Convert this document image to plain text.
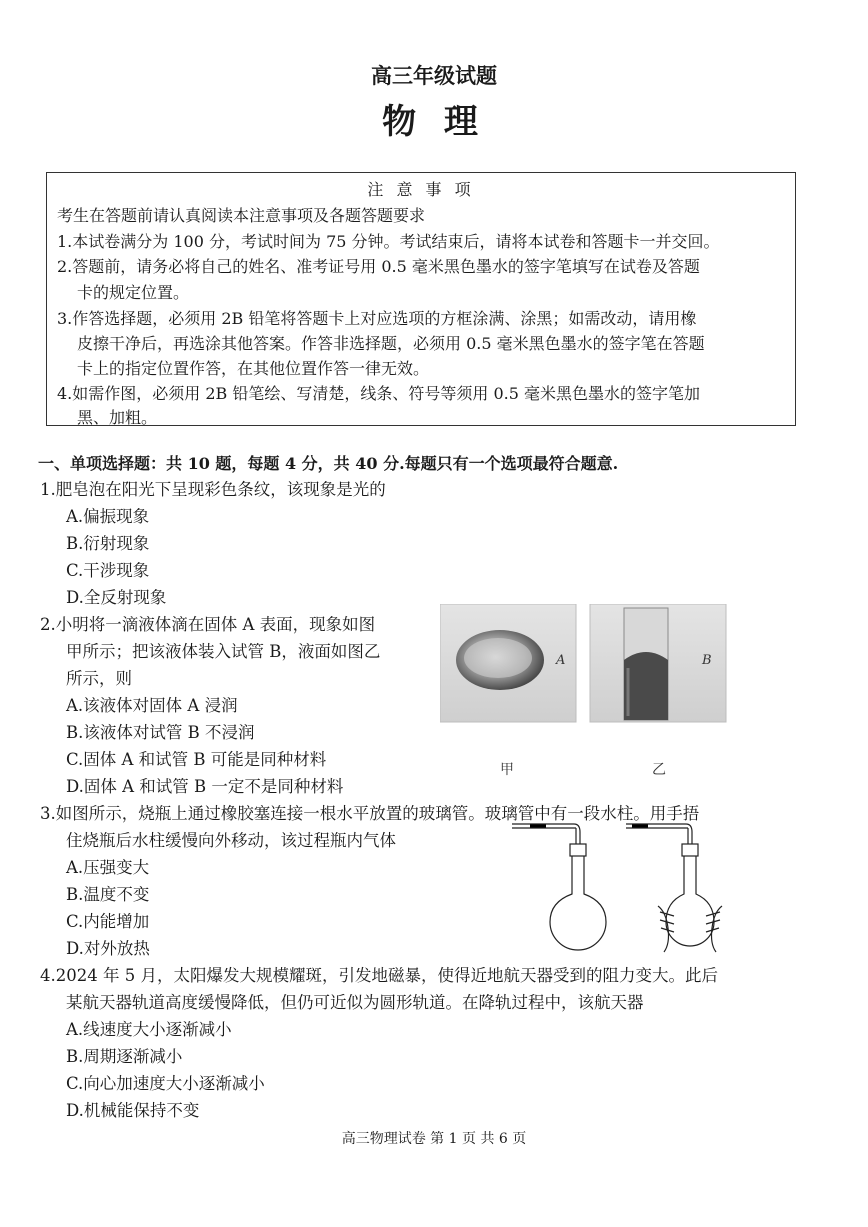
高三年级试题
物 理
注 意 事 项
考生在答题前请认真阅读本注意事项及各题答题要求
1.本试卷满分为 100 分，考试时间为 75 分钟。考试结束后，请将本试卷和答题卡一并交回。
2.答题前，请务必将自己的姓名、准考证号用 0.5 毫米黑色墨水的签字笔填写在试卷及答题
卡的规定位置。
3.作答选择题，必须用 2B 铅笔将答题卡上对应选项的方框涂满、涂黑；如需改动，请用橡
皮擦干净后，再选涂其他答案。作答非选择题，必须用 0.5 毫米黑色墨水的签字笔在答题
卡上的指定位置作答，在其他位置作答一律无效。
4.如需作图，必须用 2B 铅笔绘、写清楚，线条、符号等须用 0.5 毫米黑色墨水的签字笔加
黑、加粗。
一、单项选择题：共 10 题，每题 4 分，共 40 分.每题只有一个选项最符合题意.
1.肥皂泡在阳光下呈现彩色条纹，该现象是光的
A.偏振现象
B.衍射现象
C.干涉现象
D.全反射现象
2.小明将一滴液体滴在固体 A 表面，现象如图
甲所示；把该液体装入试管 B，液面如图乙
所示，则
A.该液体对固体 A 浸润
B.该液体对试管 B 不浸润
C.固体 A 和试管 B 可能是同种材料
D.固体 A 和试管 B 一定不是同种材料
A	B
甲	乙
3.如图所示，烧瓶上通过橡胶塞连接一根水平放置的玻璃管。玻璃管中有一段水柱。用手捂
住烧瓶后水柱缓慢向外移动，该过程瓶内气体
A.压强变大
B.温度不变
C.内能增加
D.对外放热
4.2024 年 5 月，太阳爆发大规模耀斑，引发地磁暴，使得近地航天器受到的阻力变大。此后
某航天器轨道高度缓慢降低，但仍可近似为圆形轨道。在降轨过程中，该航天器
A.线速度大小逐渐减小
B.周期逐渐减小
C.向心加速度大小逐渐减小
D.机械能保持不变
高三物理试卷 第 1 页 共 6 页
